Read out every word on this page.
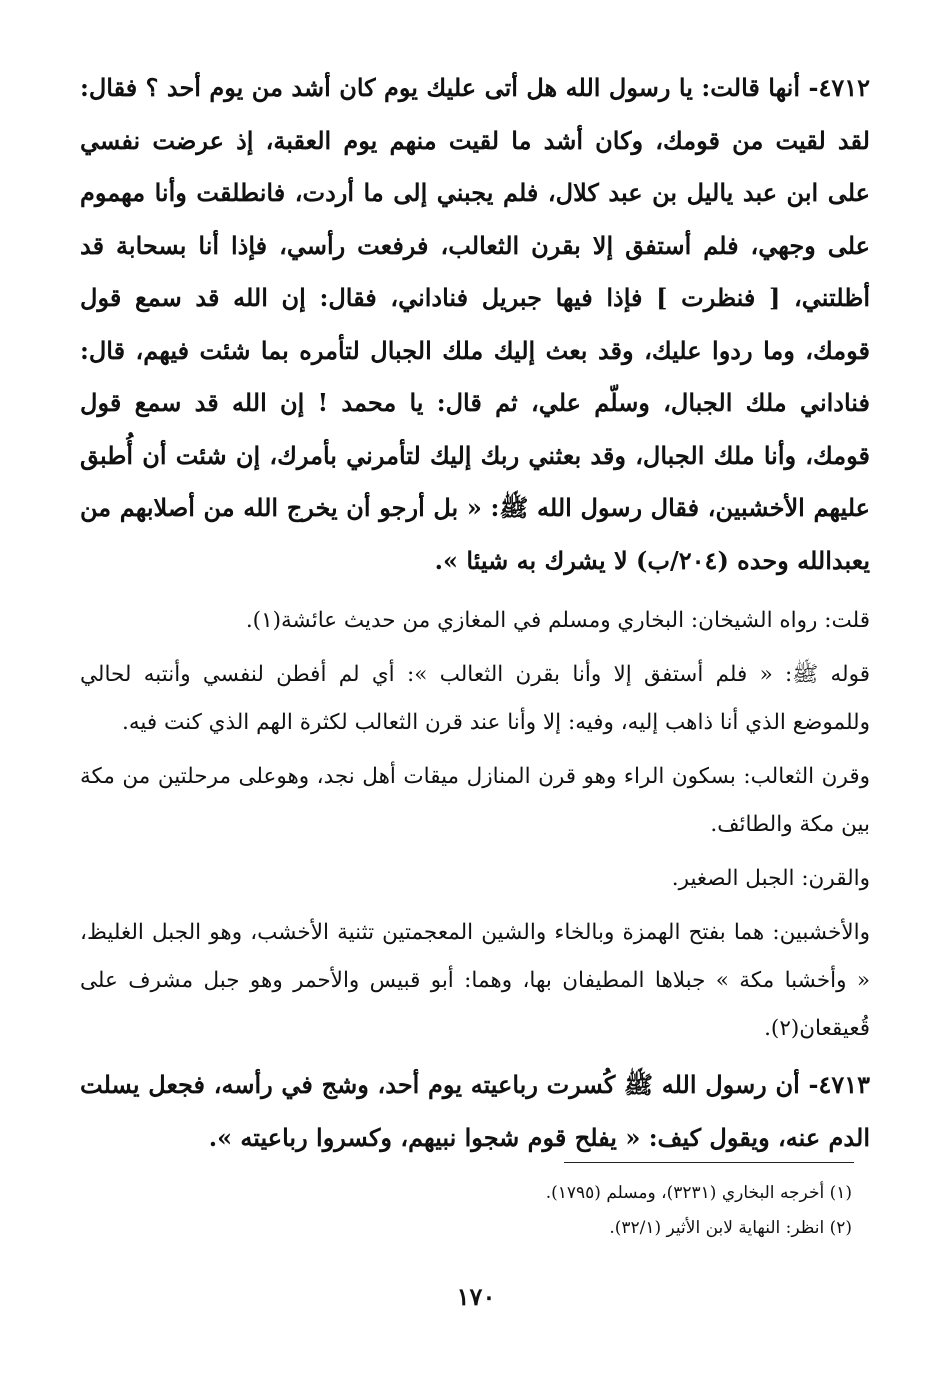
٤٧١٢- أنها قالت: يا رسول الله هل أتى عليك يوم كان أشد من يوم أحد ؟ فقال: لقد لقيت من قومك، وكان أشد ما لقيت منهم يوم العقبة، إذ عرضت نفسي على ابن عبد ياليل بن عبد كلال، فلم يجبني إلى ما أردت، فانطلقت وأنا مهموم على وجهي، فلم أستفق إلا بقرن الثعالب، فرفعت رأسي، فإذا أنا بسحابة قد أظلتني، [ فنظرت ] فإذا فيها جبريل فناداني، فقال: إن الله قد سمع قول قومك، وما ردوا عليك، وقد بعث إليك ملك الجبال لتأمره بما شئت فيهم، قال: فناداني ملك الجبال، وسلّم علي، ثم قال: يا محمد ! إن الله قد سمع قول قومك، وأنا ملك الجبال، وقد بعثني ربك إليك لتأمرني بأمرك، إن شئت أن أُطبق عليهم الأخشبين، فقال رسول الله ﷺ: « بل أرجو أن يخرج الله من أصلابهم من يعبدالله وحده (٢٠٤/ب) لا يشرك به شيئا ».

قلت: رواه الشيخان: البخاري ومسلم في المغازي من حديث عائشة(١).

قوله ﷺ: « فلم أستفق إلا وأنا بقرن الثعالب »: أي لم أفطن لنفسي وأنتبه لحالي وللموضع الذي أنا ذاهب إليه، وفيه: إلا وأنا عند قرن الثعالب لكثرة الهم الذي كنت فيه.

وقرن الثعالب: بسكون الراء وهو قرن المنازل ميقات أهل نجد، وهوعلى مرحلتين من مكة بين مكة والطائف.

والقرن: الجبل الصغير.

والأخشبين: هما بفتح الهمزة وبالخاء والشين المعجمتين تثنية الأخشب، وهو الجبل الغليظ، « وأخشبا مكة » جبلاها المطيفان بها، وهما: أبو قبيس والأحمر وهو جبل مشرف على قُعيقعان(٢).

٤٧١٣- أن رسول الله ﷺ كُسرت رباعيته يوم أحد، وشج في رأسه، فجعل يسلت الدم عنه، ويقول كيف: « يفلح قوم شجوا نبيهم، وكسروا رباعيته ».

(١) أخرجه البخاري (٣٢٣١)، ومسلم (١٧٩٥).

(٢) انظر: النهاية لابن الأثير (٣٢/١).

١٧٠
